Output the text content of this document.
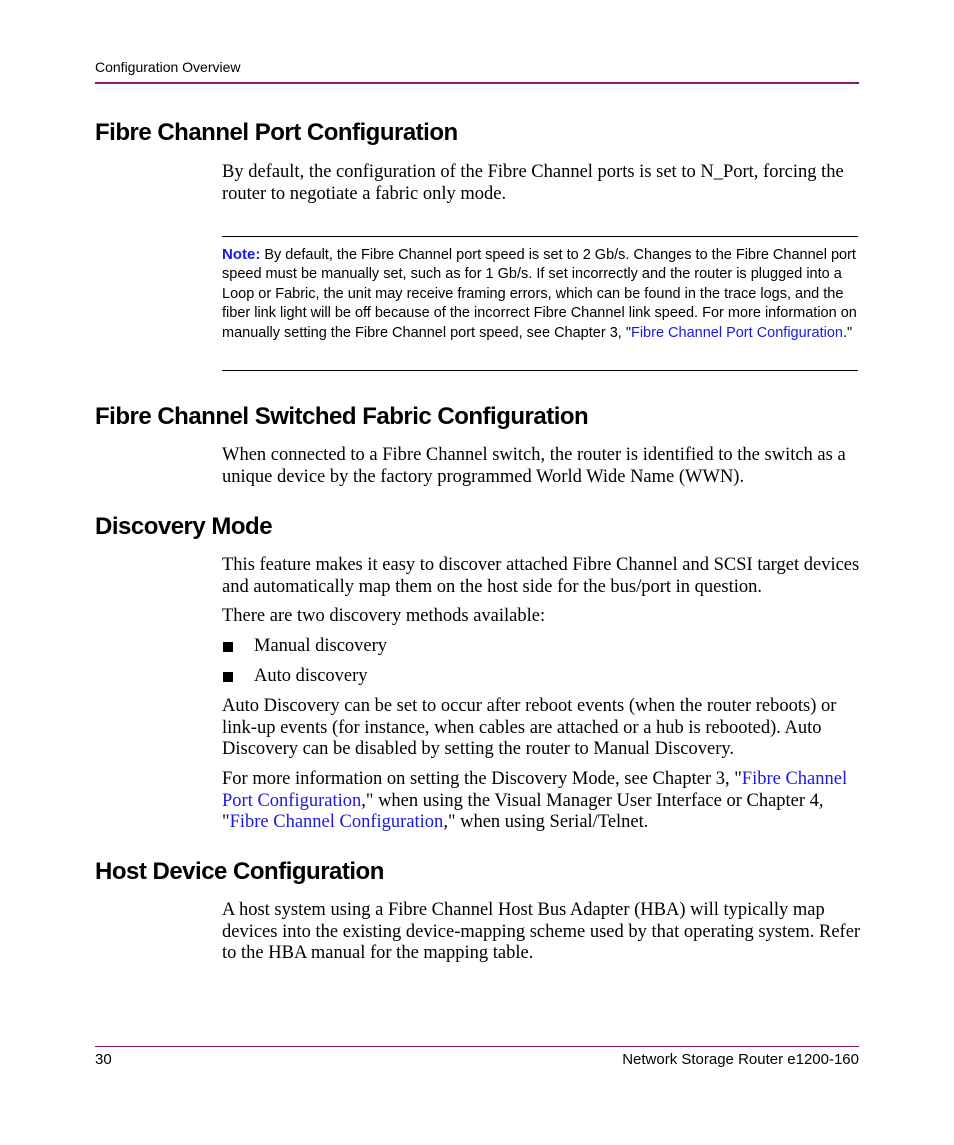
Configuration Overview
Fibre Channel Port Configuration

By default, the configuration of the Fibre Channel ports is set to N_Port, forcing the router to negotiate a fabric only mode.

Note: By default, the Fibre Channel port speed is set to 2 Gb/s. Changes to the Fibre Channel port speed must be manually set, such as for 1 Gb/s. If set incorrectly and the router is plugged into a Loop or Fabric, the unit may receive framing errors, which can be found in the trace logs, and the fiber link light will be off because of the incorrect Fibre Channel link speed. For more information on manually setting the Fibre Channel port speed, see Chapter 3, "Fibre Channel Port Configuration."

Fibre Channel Switched Fabric Configuration

When connected to a Fibre Channel switch, the router is identified to the switch as a unique device by the factory programmed World Wide Name (WWN).

Discovery Mode

This feature makes it easy to discover attached Fibre Channel and SCSI target devices and automatically map them on the host side for the bus/port in question.

There are two discovery methods available:

Manual discovery
Auto discovery

Auto Discovery can be set to occur after reboot events (when the router reboots) or link-up events (for instance, when cables are attached or a hub is rebooted). Auto Discovery can be disabled by setting the router to Manual Discovery.

For more information on setting the Discovery Mode, see Chapter 3, "Fibre Channel Port Configuration," when using the Visual Manager User Interface or Chapter 4, "Fibre Channel Configuration," when using Serial/Telnet.

Host Device Configuration

A host system using a Fibre Channel Host Bus Adapter (HBA) will typically map devices into the existing device-mapping scheme used by that operating system. Refer to the HBA manual for the mapping table.

30	Network Storage Router e1200-160
